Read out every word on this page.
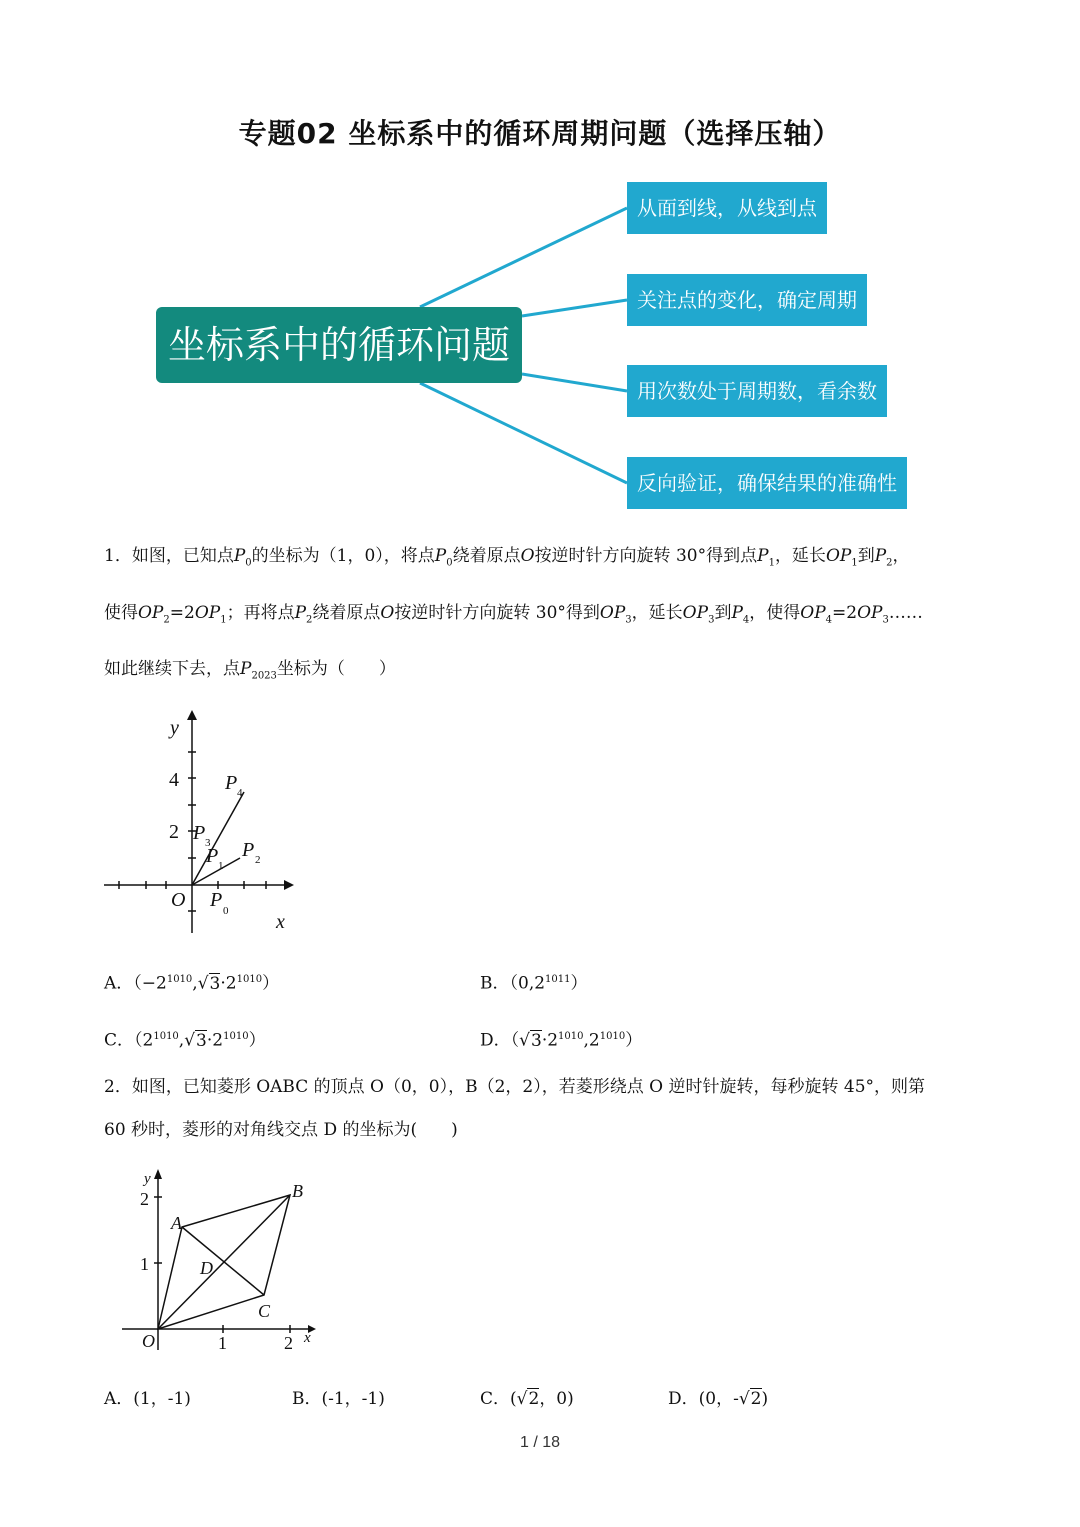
专题02 坐标系中的循环周期问题（选择压轴）
坐标系中的循环问题
从面到线，从线到点
关注点的变化，确定周期
用次数处于周期数，看余数
反向验证，确保结果的准确性
1．如图，已知点$P_0$的坐标为（1，0），将点$P_0$绕着原点O按逆时针方向旋转 30°得到点$P_1$，延长$OP_1$到$P_2$，
使得$OP_2=2OP_1$；再将点$P_2$绕着原点O按逆时针方向旋转 30°得到$OP_3$，延长$OP_3$到$P_4$，使得$OP_4=2OP_3\dots\dots$
如此继续下去，点$P_{2023}$坐标为（　　）
y
x
4
2
O P 0
P 1
P 2
P 3
P 4
A．$(-2^{1010},√3\cdot 2^{1010})$	B．$(0,2^{1011})$
C．$(2^{1010},√3\cdot 2^{1010})$	D．$(√3\cdot 2^{1010},2^{1010})$
2．如图，已知菱形 OABC 的顶点 O（0，0），B（2，2），若菱形绕点 O 逆时针旋转，每秒旋转 45°，则第
60 秒时，菱形的对角线交点 D 的坐标为(　　)
y
x
2
1
1	2
O
A
B
C
D
A．(1，-1)	B．(-1，-1)	C．(√2，0)	D．(0，-√2)
1 / 18
